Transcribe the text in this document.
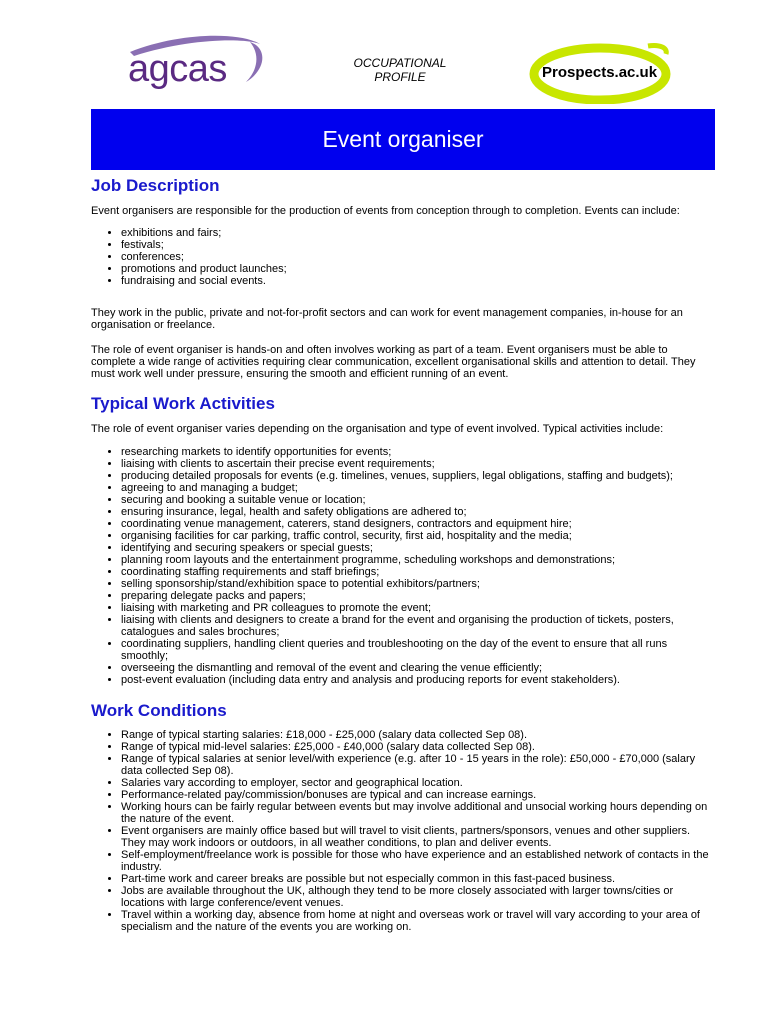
agcas	OCCUPATIONAL
PROFILE	Prospects.ac.uk
Event organiser
Job Description

Event organisers are responsible for the production of events from conception through to completion. Events can include:

• exhibitions and fairs;
• festivals;
• conferences;
• promotions and product launches;
• fundraising and social events.

They work in the public, private and not-for-profit sectors and can work for event management companies, in-house for an organisation or freelance.

The role of event organiser is hands-on and often involves working as part of a team. Event organisers must be able to complete a wide range of activities requiring clear communication, excellent organisational skills and attention to detail. They must work well under pressure, ensuring the smooth and efficient running of an event.

Typical Work Activities

The role of event organiser varies depending on the organisation and type of event involved. Typical activities include:

• researching markets to identify opportunities for events;
• liaising with clients to ascertain their precise event requirements;
• producing detailed proposals for events (e.g. timelines, venues, suppliers, legal obligations, staffing and budgets);
• agreeing to and managing a budget;
• securing and booking a suitable venue or location;
• ensuring insurance, legal, health and safety obligations are adhered to;
• coordinating venue management, caterers, stand designers, contractors and equipment hire;
• organising facilities for car parking, traffic control, security, first aid, hospitality and the media;
• identifying and securing speakers or special guests;
• planning room layouts and the entertainment programme, scheduling workshops and demonstrations;
• coordinating staffing requirements and staff briefings;
• selling sponsorship/stand/exhibition space to potential exhibitors/partners;
• preparing delegate packs and papers;
• liaising with marketing and PR colleagues to promote the event;
• liaising with clients and designers to create a brand for the event and organising the production of tickets, posters, catalogues and sales brochures;
• coordinating suppliers, handling client queries and troubleshooting on the day of the event to ensure that all runs smoothly;
• overseeing the dismantling and removal of the event and clearing the venue efficiently;
• post-event evaluation (including data entry and analysis and producing reports for event stakeholders).
Work Conditions
• Range of typical starting salaries: £18,000 - £25,000 (salary data collected Sep 08).
• Range of typical mid-level salaries: £25,000 - £40,000 (salary data collected Sep 08).
• Range of typical salaries at senior level/with experience (e.g. after 10 - 15 years in the role): £50,000 - £70,000 (salary data collected Sep 08).
• Salaries vary according to employer, sector and geographical location.
• Performance-related pay/commission/bonuses are typical and can increase earnings.
• Working hours can be fairly regular between events but may involve additional and unsocial working hours depending on the nature of the event.
• Event organisers are mainly office based but will travel to visit clients, partners/sponsors, venues and other suppliers. They may work indoors or outdoors, in all weather conditions, to plan and deliver events.
• Self-employment/freelance work is possible for those who have experience and an established network of contacts in the industry.
• Part-time work and career breaks are possible but not especially common in this fast-paced business.
• Jobs are available throughout the UK, although they tend to be more closely associated with larger towns/cities or locations with large conference/event venues.
• Travel within a working day, absence from home at night and overseas work or travel will vary according to your area of specialism and the nature of the events you are working on.
